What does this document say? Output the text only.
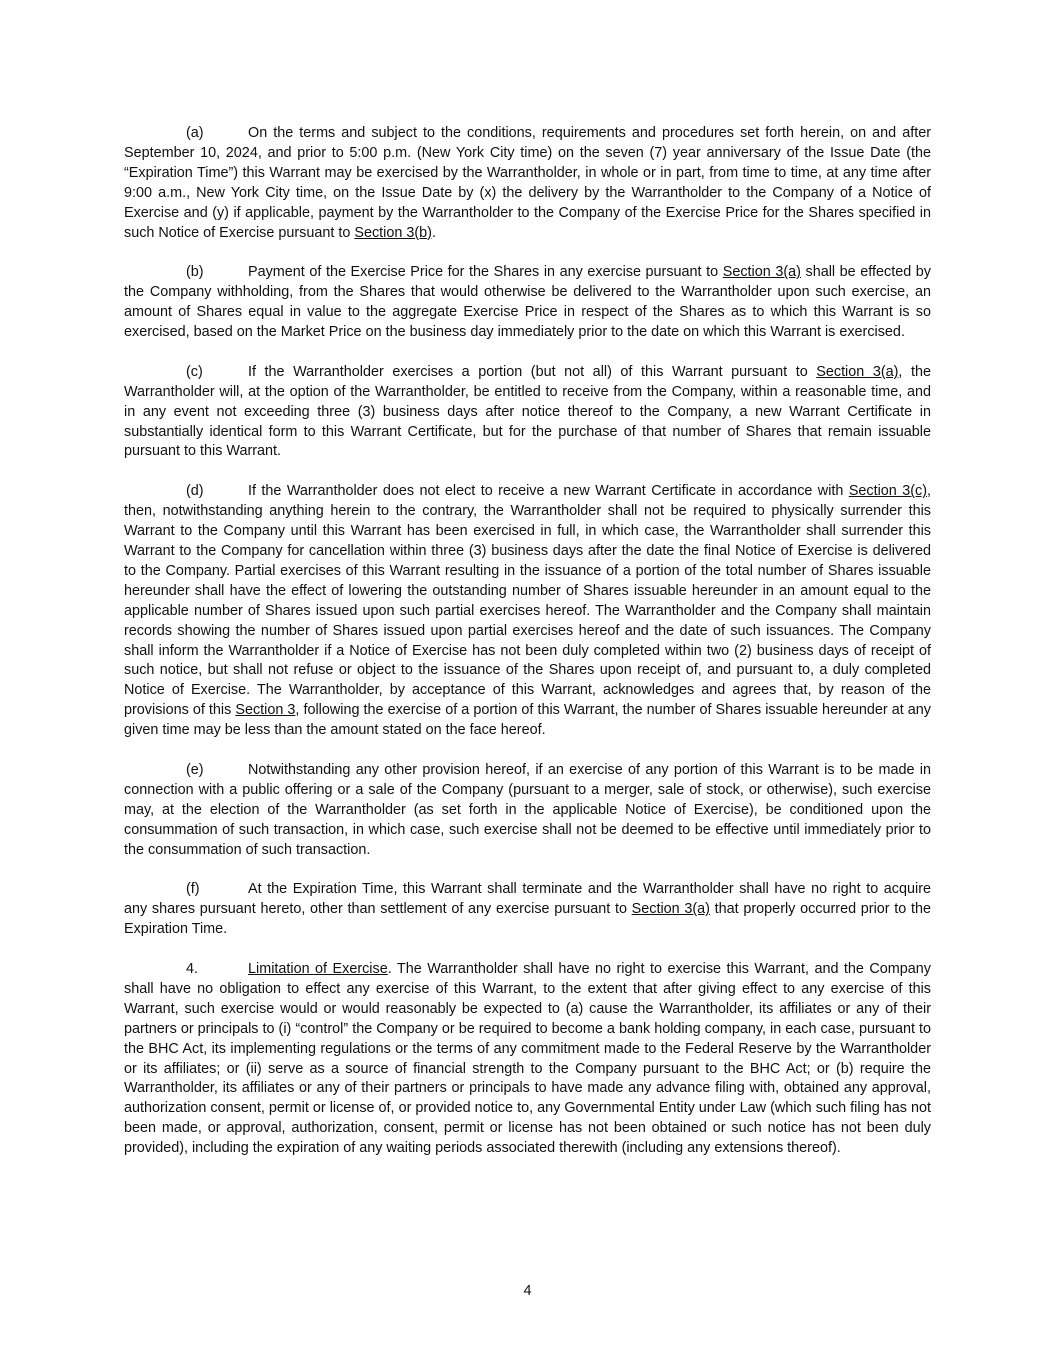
(a)	On the terms and subject to the conditions, requirements and procedures set forth herein, on and after September 10, 2024, and prior to 5:00 p.m. (New York City time) on the seven (7) year anniversary of the Issue Date (the “Expiration Time”) this Warrant may be exercised by the Warrantholder, in whole or in part, from time to time, at any time after 9:00 a.m., New York City time, on the Issue Date by (x) the delivery by the Warrantholder to the Company of a Notice of Exercise and (y) if applicable, payment by the Warrantholder to the Company of the Exercise Price for the Shares specified in such Notice of Exercise pursuant to Section 3(b).

(b)	Payment of the Exercise Price for the Shares in any exercise pursuant to Section 3(a) shall be effected by the Company withholding, from the Shares that would otherwise be delivered to the Warrantholder upon such exercise, an amount of Shares equal in value to the aggregate Exercise Price in respect of the Shares as to which this Warrant is so exercised, based on the Market Price on the business day immediately prior to the date on which this Warrant is exercised.

(c)	If the Warrantholder exercises a portion (but not all) of this Warrant pursuant to Section 3(a), the Warrantholder will, at the option of the Warrantholder, be entitled to receive from the Company, within a reasonable time, and in any event not exceeding three (3) business days after notice thereof to the Company, a new Warrant Certificate in substantially identical form to this Warrant Certificate, but for the purchase of that number of Shares that remain issuable pursuant to this Warrant.

(d)	If the Warrantholder does not elect to receive a new Warrant Certificate in accordance with Section 3(c), then, notwithstanding anything herein to the contrary, the Warrantholder shall not be required to physically surrender this Warrant to the Company until this Warrant has been exercised in full, in which case, the Warrantholder shall surrender this Warrant to the Company for cancellation within three (3) business days after the date the final Notice of Exercise is delivered to the Company. Partial exercises of this Warrant resulting in the issuance of a portion of the total number of Shares issuable hereunder shall have the effect of lowering the outstanding number of Shares issuable hereunder in an amount equal to the applicable number of Shares issued upon such partial exercises hereof. The Warrantholder and the Company shall maintain records showing the number of Shares issued upon partial exercises hereof and the date of such issuances. The Company shall inform the Warrantholder if a Notice of Exercise has not been duly completed within two (2) business days of receipt of such notice, but shall not refuse or object to the issuance of the Shares upon receipt of, and pursuant to, a duly completed Notice of Exercise. The Warrantholder, by acceptance of this Warrant, acknowledges and agrees that, by reason of the provisions of this Section 3, following the exercise of a portion of this Warrant, the number of Shares issuable hereunder at any given time may be less than the amount stated on the face hereof.

(e)	Notwithstanding any other provision hereof, if an exercise of any portion of this Warrant is to be made in connection with a public offering or a sale of the Company (pursuant to a merger, sale of stock, or otherwise), such exercise may, at the election of the Warrantholder (as set forth in the applicable Notice of Exercise), be conditioned upon the consummation of such transaction, in which case, such exercise shall not be deemed to be effective until immediately prior to the consummation of such transaction.

(f)	At the Expiration Time, this Warrant shall terminate and the Warrantholder shall have no right to acquire any shares pursuant hereto, other than settlement of any exercise pursuant to Section 3(a) that properly occurred prior to the Expiration Time.

4.	Limitation of Exercise. The Warrantholder shall have no right to exercise this Warrant, and the Company shall have no obligation to effect any exercise of this Warrant, to the extent that after giving effect to any exercise of this Warrant, such exercise would or would reasonably be expected to (a) cause the Warrantholder, its affiliates or any of their partners or principals to (i) “control” the Company or be required to become a bank holding company, in each case, pursuant to the BHC Act, its implementing regulations or the terms of any commitment made to the Federal Reserve by the Warrantholder or its affiliates; or (ii) serve as a source of financial strength to the Company pursuant to the BHC Act; or (b) require the Warrantholder, its affiliates or any of their partners or principals to have made any advance filing with, obtained any approval, authorization consent, permit or license of, or provided notice to, any Governmental Entity under Law (which such filing has not been made, or approval, authorization, consent, permit or license has not been obtained or such notice has not been duly provided), including the expiration of any waiting periods associated therewith (including any extensions thereof).

4
